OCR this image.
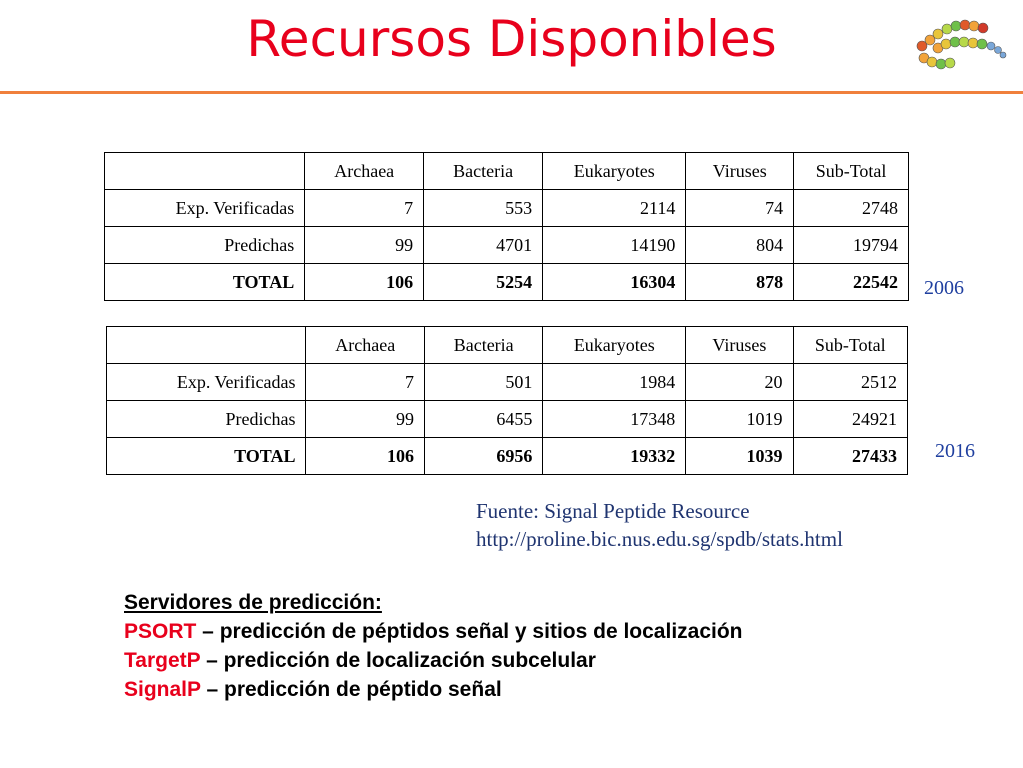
Recursos Disponibles
	Archaea	Bacteria	Eukaryotes	Viruses	Sub-Total
Exp. Verificadas	7	553	2114	74	2748
Predichas	99	4701	14190	804	19794
TOTAL	106	5254	16304	878	22542 2006
	Archaea	Bacteria	Eukaryotes	Viruses	Sub-Total
Exp. Verificadas	7	501	1984	20	2512
Predichas	99	6455	17348	1019	24921
TOTAL	106	6956	19332	1039	27433 2016
Fuente: Signal Peptide Resource
http://proline.bic.nus.edu.sg/spdb/stats.html
Servidores de predicción:
PSORT – predicción de péptidos señal y sitios de localización
TargetP – predicción de localización subcelular
SignalP – predicción de péptido señal
